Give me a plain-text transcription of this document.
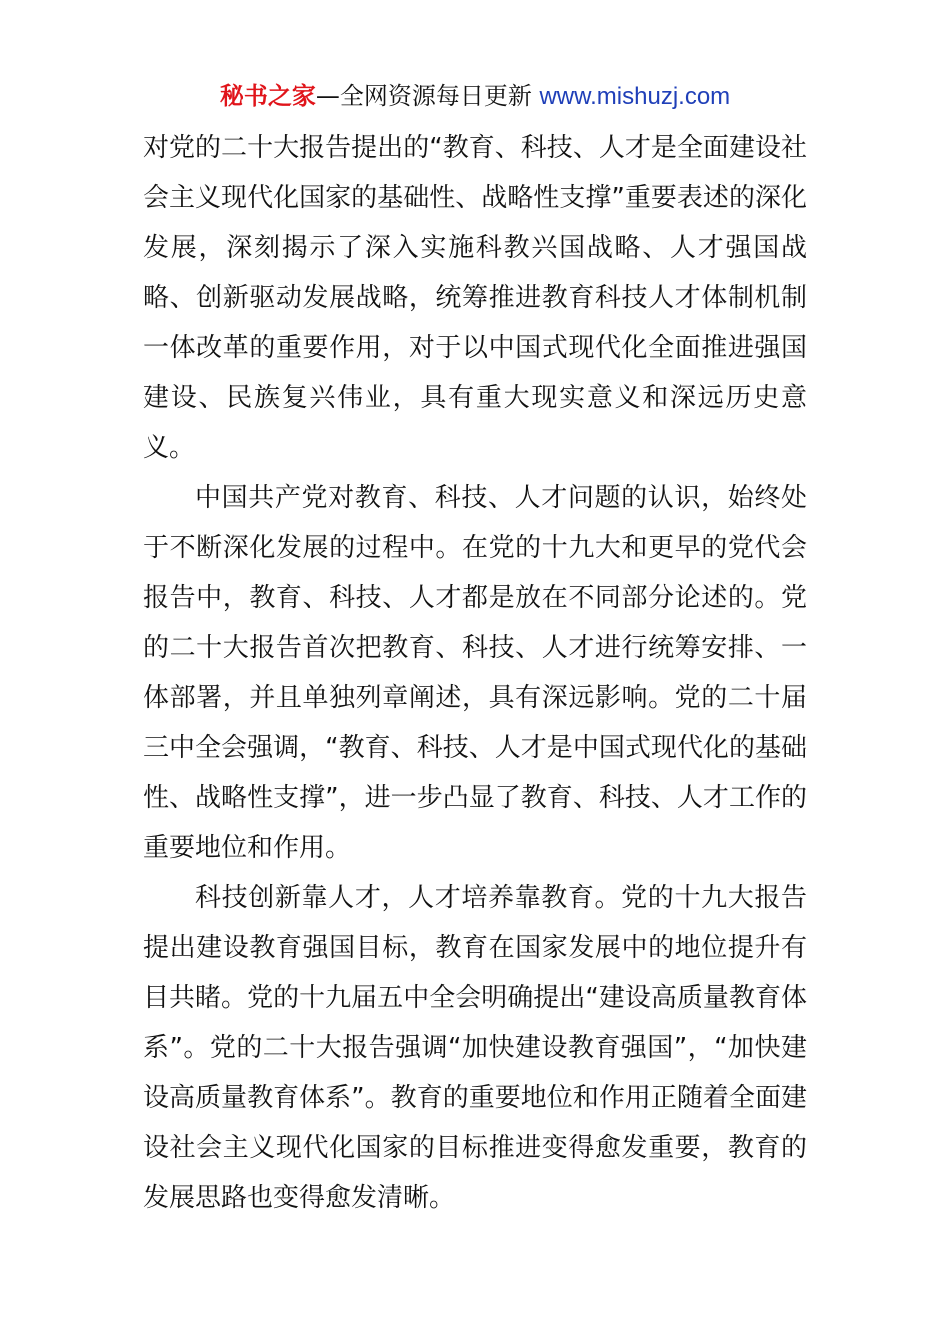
秘书之家—全网资源每日更新 www.mishuzj.com

对党的二十大报告提出的“教育、科技、人才是全面建设社会主义现代化国家的基础性、战略性支撑”重要表述的深化发展，深刻揭示了深入实施科教兴国战略、人才强国战略、创新驱动发展战略，统筹推进教育科技人才体制机制一体改革的重要作用，对于以中国式现代化全面推进强国建设、民族复兴伟业，具有重大现实意义和深远历史意义。

中国共产党对教育、科技、人才问题的认识，始终处于不断深化发展的过程中。在党的十九大和更早的党代会报告中，教育、科技、人才都是放在不同部分论述的。党的二十大报告首次把教育、科技、人才进行统筹安排、一体部署，并且单独列章阐述，具有深远影响。党的二十届三中全会强调，“教育、科技、人才是中国式现代化的基础性、战略性支撑”，进一步凸显了教育、科技、人才工作的重要地位和作用。

科技创新靠人才，人才培养靠教育。党的十九大报告提出建设教育强国目标，教育在国家发展中的地位提升有目共睹。党的十九届五中全会明确提出“建设高质量教育体系”。党的二十大报告强调“加快建设教育强国”，“加快建设高质量教育体系”。教育的重要地位和作用正随着全面建设社会主义现代化国家的目标推进变得愈发重要，教育的发展思路也变得愈发清晰。
